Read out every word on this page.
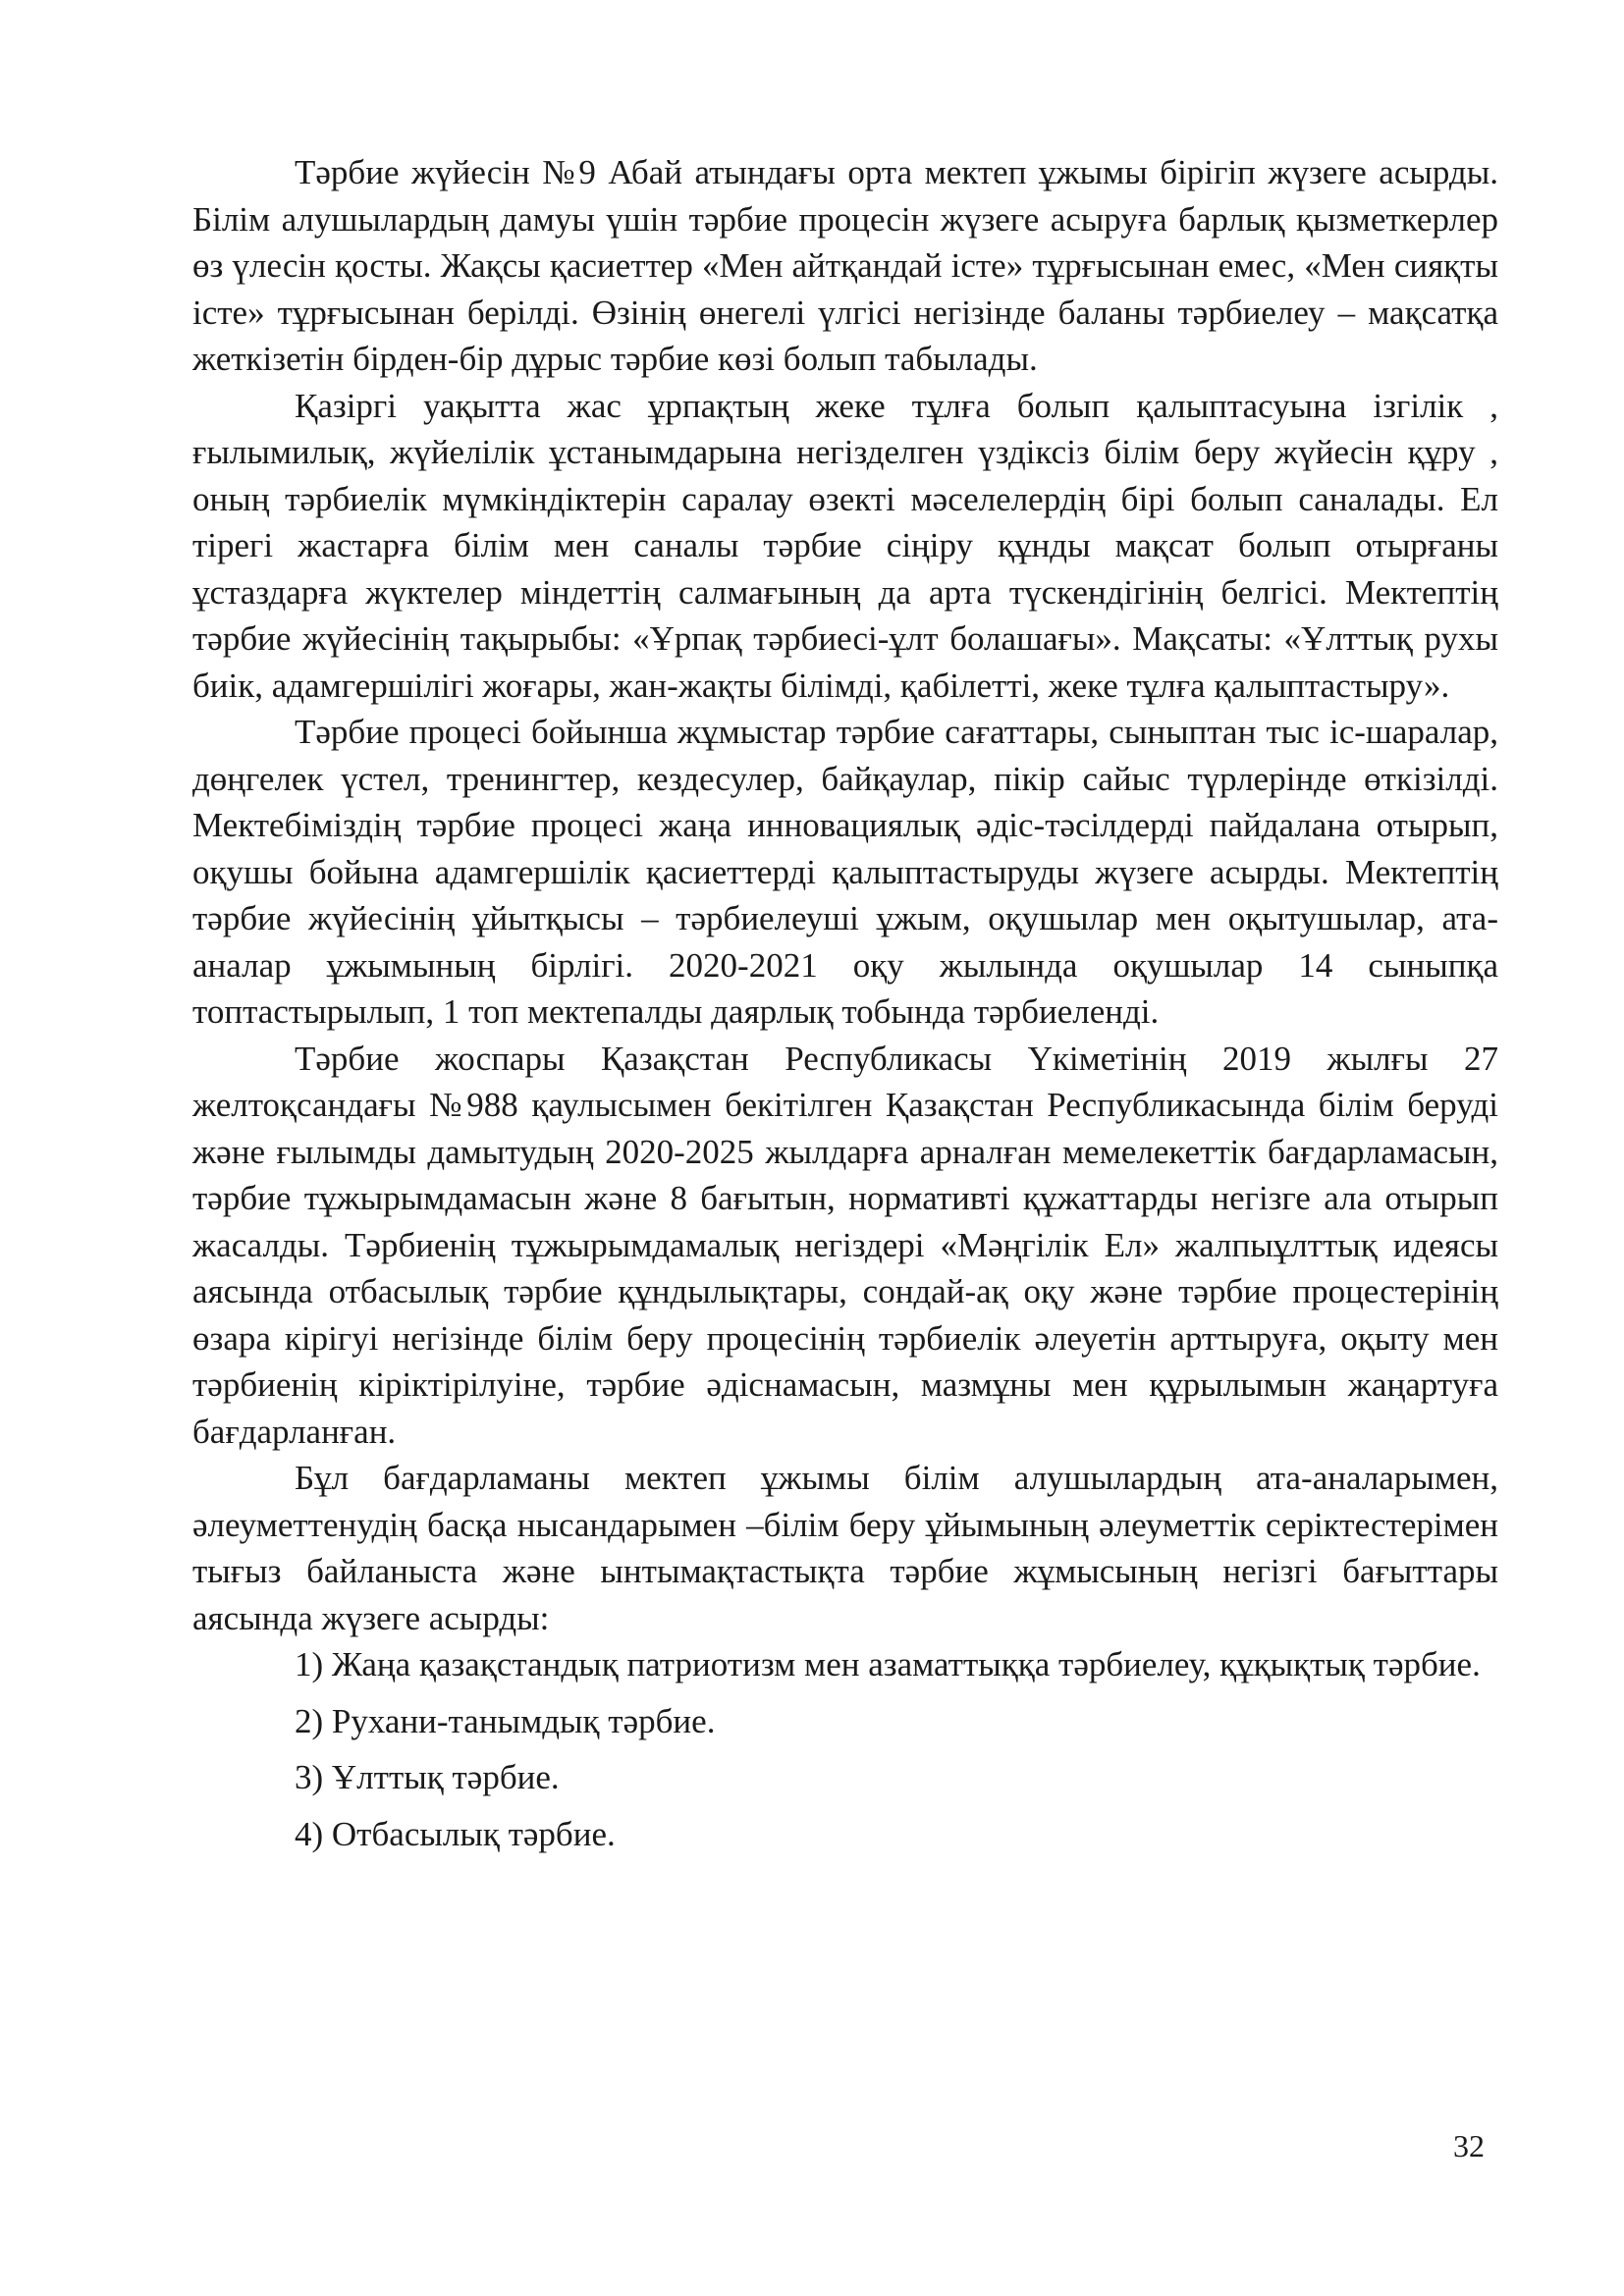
Тәрбие жүйесін №9 Абай атындағы орта мектеп ұжымы бірігіп жүзеге асырды. Білім алушылардың дамуы үшін тәрбие процесін жүзеге асыруға барлық қызметкерлер өз үлесін қосты. Жақсы қасиеттер «Мен айтқандай істе» тұрғысынан емес, «Мен сияқты істе» тұрғысынан берілді. Өзінің өнегелі үлгісі негізінде баланы тәрбиелеу – мақсатқа жеткізетін бірден-бір дұрыс тәрбие көзі болып табылады.

Қазіргі уақытта жас ұрпақтың жеке тұлға болып қалыптасуына ізгілік , ғылымилық, жүйелілік ұстанымдарына негізделген үздіксіз білім беру жүйесін құру , оның тәрбиелік мүмкіндіктерін саралау өзекті мәселелердің бірі болып саналады. Ел тірегі жастарға білім мен саналы тәрбие сіңіру құнды мақсат болып отырғаны ұстаздарға жүктелер міндеттің салмағының да арта түскендігінің белгісі. Мектептің тәрбие жүйесінің тақырыбы: «Ұрпақ тәрбиесі-ұлт болашағы». Мақсаты: «Ұлттық рухы биік, адамгершілігі жоғары, жан-жақты білімді, қабілетті, жеке тұлға қалыптастыру».

Тәрбие процесі бойынша жұмыстар тәрбие сағаттары, сыныптан тыс іс-шаралар, дөңгелек үстел, тренингтер, кездесулер, байқаулар, пікір сайыс түрлерінде өткізілді. Мектебіміздің тәрбие процесі жаңа инновациялық әдіс-тәсілдерді пайдалана отырып, оқушы бойына адамгершілік қасиеттерді қалыптастыруды жүзеге асырды. Мектептің тәрбие жүйесінің ұйытқысы – тәрбиелеуші ұжым, оқушылар мен оқытушылар, ата-аналар ұжымының бірлігі. 2020-2021 оқу жылында оқушылар 14 сыныпқа топтастырылып, 1 топ мектепалды даярлық тобында тәрбиеленді.

Тәрбие жоспары Қазақстан Республикасы Үкіметінің 2019 жылғы 27 желтоқсандағы №988 қаулысымен бекітілген Қазақстан Республикасында білім беруді және ғылымды дамытудың 2020-2025 жылдарға арналған мемелекеттік бағдарламасын, тәрбие тұжырымдамасын және 8 бағытын, нормативті құжаттарды негізге ала отырып жасалды. Тәрбиенің тұжырымдамалық негіздері «Мәңгілік Ел» жалпыұлттық идеясы аясында отбасылық тәрбие құндылықтары, сондай-ақ оқу және тәрбие процестерінің өзара кірігуі негізінде білім беру процесінің тәрбиелік әлеуетін арттыруға, оқыту мен тәрбиенің кіріктірілуіне, тәрбие әдіснамасын, мазмұны мен құрылымын жаңартуға бағдарланған.

Бұл бағдарламаны мектеп ұжымы білім алушылардың ата-аналарымен, әлеуметтенудің басқа нысандарымен –білім беру ұйымының әлеуметтік серіктестерімен тығыз байланыста және ынтымақтастықта тәрбие жұмысының негізгі бағыттары аясында жүзеге асырды:

1) Жаңа қазақстандық патриотизм мен азаматтыққа тәрбиелеу, құқықтық тәрбие.

2) Рухани-танымдық тәрбие.

3) Ұлттық тәрбие.

4) Отбасылық тәрбие.

32
